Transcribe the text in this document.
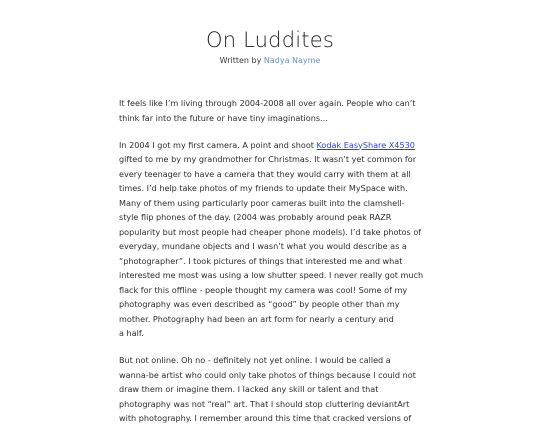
On Luddites
Written by Nadya Nayme

It feels like I’m living through 2004-2008 all over again. People who can’t
think far into the future or have tiny imaginations...

In 2004 I got my first camera. A point and shoot Kodak EasyShare X4530
gifted to me by my grandmother for Christmas. It wasn’t yet common for
every teenager to have a camera that they would carry with them at all
times. I’d help take photos of my friends to update their MySpace with.
Many of them using particularly poor cameras built into the clamshell-
style flip phones of the day. (2004 was probably around peak RAZR
popularity but most people had cheaper phone models). I’d take photos of
everyday, mundane objects and I wasn’t what you would describe as a
“photographer”. I took pictures of things that interested me and what
interested me most was using a low shutter speed. I never really got much
flack for this offline - people thought my camera was cool! Some of my
photography was even described as “good” by people other than my
mother. Photography had been an art form for nearly a century and
a half.

But not online. Oh no - definitely not yet online. I would be called a
wanna-be artist who could only take photos of things because I could not
draw them or imagine them. I lacked any skill or talent and that
photography was not “real” art. That I should stop cluttering deviantArt
with photography. I remember around this time that cracked versions of
